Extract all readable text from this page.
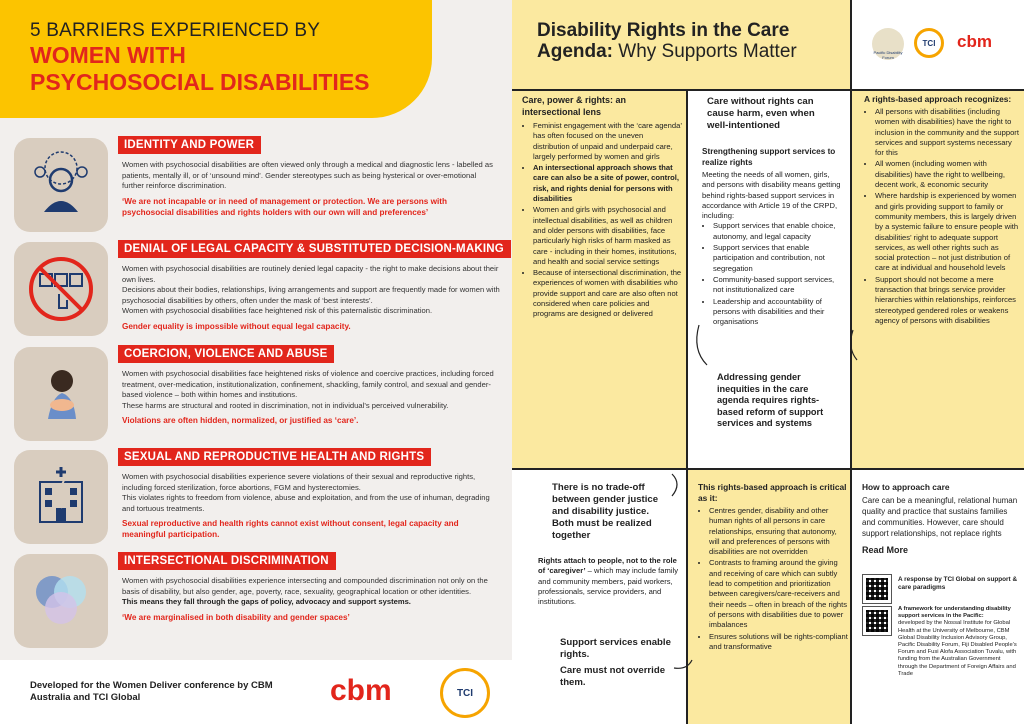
5 BARRIERS EXPERIENCED BY
WOMEN WITH
PSYCHOSOCIAL DISABILITIES
IDENTITY AND POWER

Women with psychosocial disabilities are often viewed only through a medical and diagnostic lens - labelled as patients, mentally ill, or of ‘unsound mind’. Gender stereotypes such as being hysterical or over-emotional further reinforce discrimination.

‘We are not incapable or in need of management or protection. We are persons with psychosocial disabilities and rights holders with our own will and preferences’

DENIAL OF LEGAL CAPACITY & SUBSTITUTED DECISION-MAKING

Women with psychosocial disabilities are routinely denied legal capacity - the right to make decisions about their own lives.

Decisions about their bodies, relationships, living arrangements and support are frequently made for women with psychosocial disabilities by others, often under the mask of ‘best interests’.

Women with psychosocial disabilities face heightened risk of this paternalistic discrimination.

Gender equality is impossible without equal legal capacity.

COERCION, VIOLENCE AND ABUSE

Women with psychosocial disabilities face heightened risks of violence and coercive practices, including forced treatment, over-medication, institutionalization, confinement, shackling, family control, and sexual and gender-based violence – both within homes and institutions.

These harms are structural and rooted in discrimination, not in individual’s perceived vulnerability.

Violations are often hidden, normalized, or justified as ‘care’.

SEXUAL AND REPRODUCTIVE HEALTH AND RIGHTS

Women with psychosocial disabilities experience severe violations of their sexual and reproductive rights, including forced sterilization, force abortions, FGM and hysterectomies.

This violates rights to freedom from violence, abuse and exploitation, and from the use of inhuman, degrading and tortuous treatments.

Sexual reproductive and health rights cannot exist without consent, legal capacity and meaningful participation.

INTERSECTIONAL DISCRIMINATION

Women with psychosocial disabilities experience intersecting and compounded discrimination not only on the basis of disability, but also gender, age, poverty, race, sexuality, geographical location or other identities.

This means they fall through the gaps of policy, advocacy and support systems.

‘We are marginalised in both disability and gender spaces’

Developed for the Women Deliver conference by CBM Australia and TCI Global	cbm	TCI
Disability Rights in the Care
Agenda: Why Supports Matter	Pacific Disability Forum
TCI cbm
Care, power & rights: an intersectional lens
• Feminist engagement with the ‘care agenda’ has often focused on the uneven distribution of unpaid and underpaid care, largely performed by women and girls
• An intersectional approach shows that care can also be a site of power, control, risk, and rights denial for persons with disabilities
• Women and girls with psychosocial and intellectual disabilities, as well as children and older persons with disabilities, face particularly high risks of harm masked as care - including in their homes, institutions, and health and social service settings
• Because of intersectional discrimination, the experiences of women with disabilities who provide support and care are also often not considered when care policies and programs are designed or delivered
Care without rights can cause harm, even when well-intentioned
Strengthening support services to realize rights
Meeting the needs of all women, girls, and persons with disability means getting behind rights-based support services in accordance with Article 19 of the CRPD, including:
• Support services that enable choice, autonomy, and legal capacity
• Support services that enable participation and contribution, not segregation
• Community-based support services, not institutionalized care
• Leadership and accountability of persons with disabilities and their organisations
Addressing gender inequities in the care agenda requires rights-based reform of support services and systems
A rights-based approach recognizes:
• All persons with disabilities (including women with disabilities) have the right to inclusion in the community and the support services and support systems necessary for this
• All women (including women with disabilities) have the right to wellbeing, decent work, & economic security
• Where hardship is experienced by women and girls providing support to family or community members, this is largely driven by a systemic failure to ensure people with disabilities’ right to adequate support services, as well other rights such as social protection – not just distribution of care at individual and household levels
• Support should not become a mere transaction that brings service provider hierarchies within relationships, reinforces stereotyped gendered roles or weakens agency of persons with disabilities
There is no trade-off between gender justice and disability justice. Both must be realized together
Rights attach to people, not to the role of ‘caregiver’ – which may include family and community members, paid workers, professionals, service providers, and institutions.
Support services enable rights.
Care must not override them.
This rights-based approach is critical as it:
• Centres gender, disability and other human rights of all persons in care relationships, ensuring that autonomy, will and preferences of persons with disabilities are not overridden
• Contrasts to framing around the giving and receiving of care which can subtly lead to competition and prioritization between caregivers/care-receivers and their needs – often in breach of the rights of persons with disabilities due to power imbalances
• Ensures solutions will be rights-compliant and transformative
How to approach care
Care can be a meaningful, relational human quality and practice that sustains families and communities. However, care should support relationships, not replace rights
Read More
A response by TCI Global on support & care paradigms
A framework for understanding disability support services in the Pacific:
developed by the Nossal Institute for Global Health at the University of Melbourne, CBM Global Disability Inclusion Advisory Group, Pacific Disability Forum, Fiji Disabled People’s Forum and Fusi Alofa Association Tuvalu, with funding from the Australian Government through the Department of Foreign Affairs and Trade
